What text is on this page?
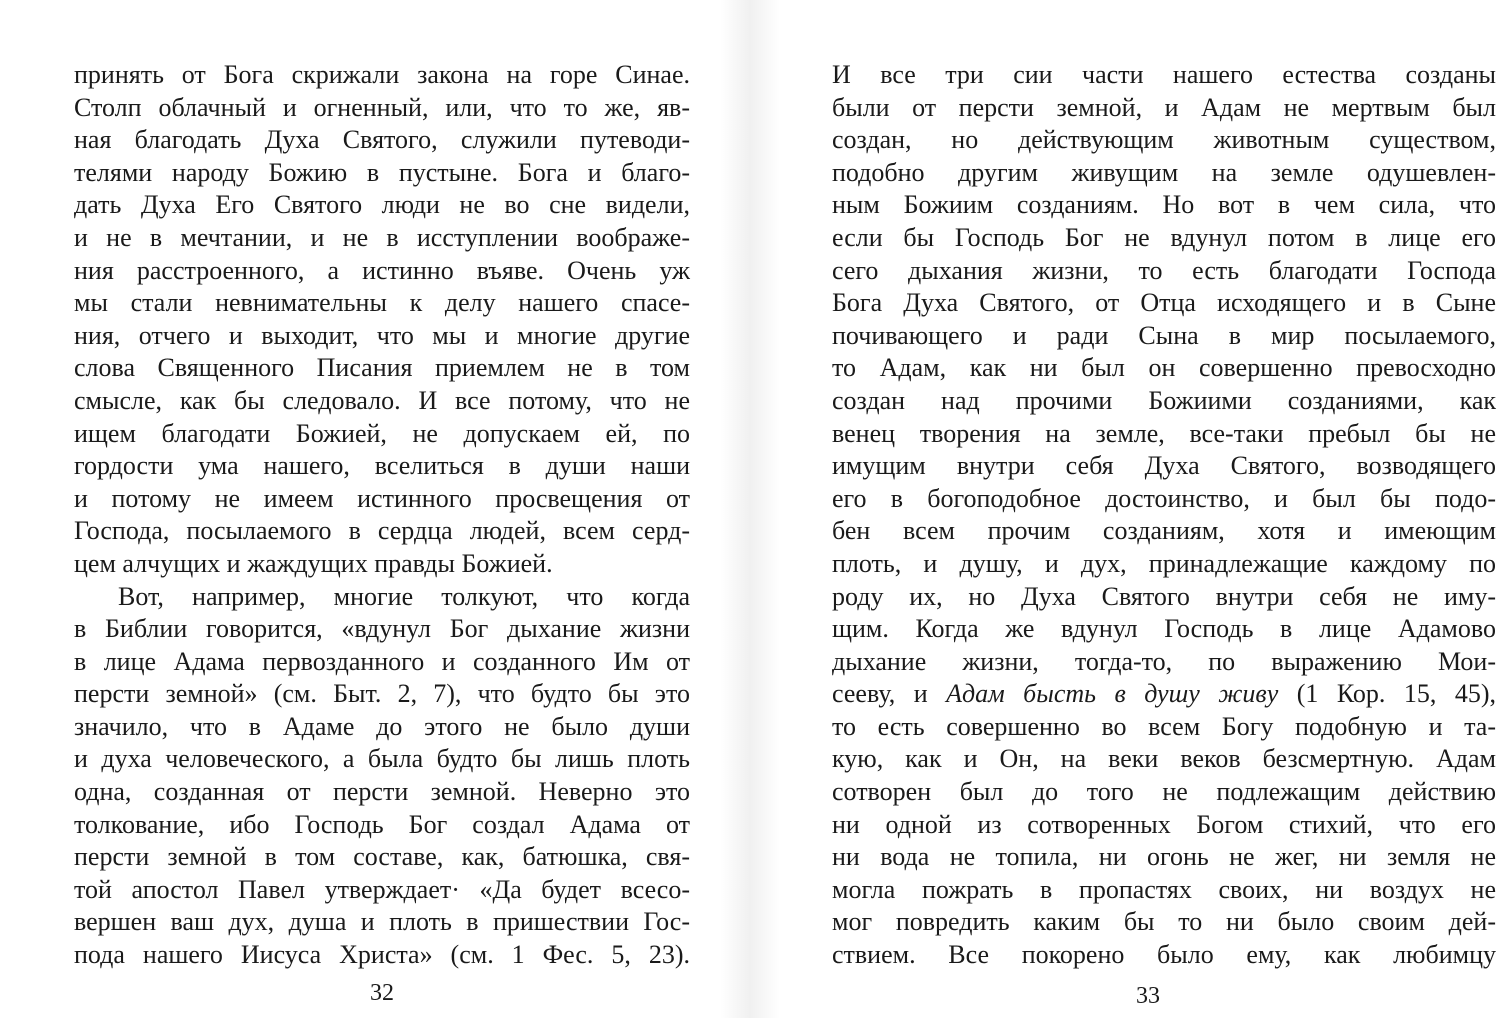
принять от Бога скрижали закона на горе Синае.
Столп облачный и огненный, или, что то же, яв-
ная благодать Духа Святого, служили путеводи-
телями народу Божию в пустыне. Бога и благо-
дать Духа Его Святого люди не во сне видели,
и не в мечтании, и не в исступлении воображе-
ния расстроенного, а истинно въяве. Очень уж
мы стали невнимательны к делу нашего спасе-
ния, отчего и выходит, что мы и многие другие
слова Священного Писания приемлем не в том
смысле, как бы следовало. И все потому, что не
ищем благодати Божией, не допускаем ей, по
гордости ума нашего, вселиться в души наши
и потому не имеем истинного просвещения от
Господа, посылаемого в сердца людей, всем серд-
цем алчущих и жаждущих правды Божией.
Вот, например, многие толкуют, что когда
в Библии говорится, «вдунул Бог дыхание жизни
в лице Адама первозданного и созданного Им от
персти земной» (см. Быт. 2, 7), что будто бы это
значило, что в Адаме до этого не было души
и духа человеческого, а была будто бы лишь плоть
одна, созданная от персти земной. Неверно это
толкование, ибо Господь Бог создал Адама от
персти земной в том составе, как, батюшка, свя-
той апостол Павел утверждает· «Да будет всесо-
вершен ваш дух, душа и плоть в пришествии Гос-
пода нашего Иисуса Христа» (см. 1 Фес. 5, 23).
32
И все три сии части нашего естества созданы
были от персти земной, и Адам не мертвым был
создан, но действующим животным существом,
подобно другим живущим на земле одушевлен-
ным Божиим созданиям. Но вот в чем сила, что
если бы Господь Бог не вдунул потом в лице его
сего дыхания жизни, то есть благодати Господа
Бога Духа Святого, от Отца исходящего и в Сыне
почивающего и ради Сына в мир посылаемого,
то Адам, как ни был он совершенно превосходно
создан над прочими Божиими созданиями, как
венец творения на земле, все-таки пребыл бы не
имущим внутри себя Духа Святого, возводящего
его в богоподобное достоинство, и был бы подо-
бен всем прочим созданиям, хотя и имеющим
плоть, и душу, и дух, принадлежащие каждому по
роду их, но Духа Святого внутри себя не иму-
щим. Когда же вдунул Господь в лице Адамово
дыхание жизни, тогда-то, по выражению Мои-
сееву, и Адам бысть в душу живу (1 Кор. 15, 45),
то есть совершенно во всем Богу подобную и та-
кую, как и Он, на веки веков безсмертную. Адам
сотворен был до того не подлежащим действию
ни одной из сотворенных Богом стихий, что его
ни вода не топила, ни огонь не жег, ни земля не
могла пожрать в пропастях своих, ни воздух не
мог повредить каким бы то ни было своим дей-
ствием. Все покорено было ему, как любимцу
33
